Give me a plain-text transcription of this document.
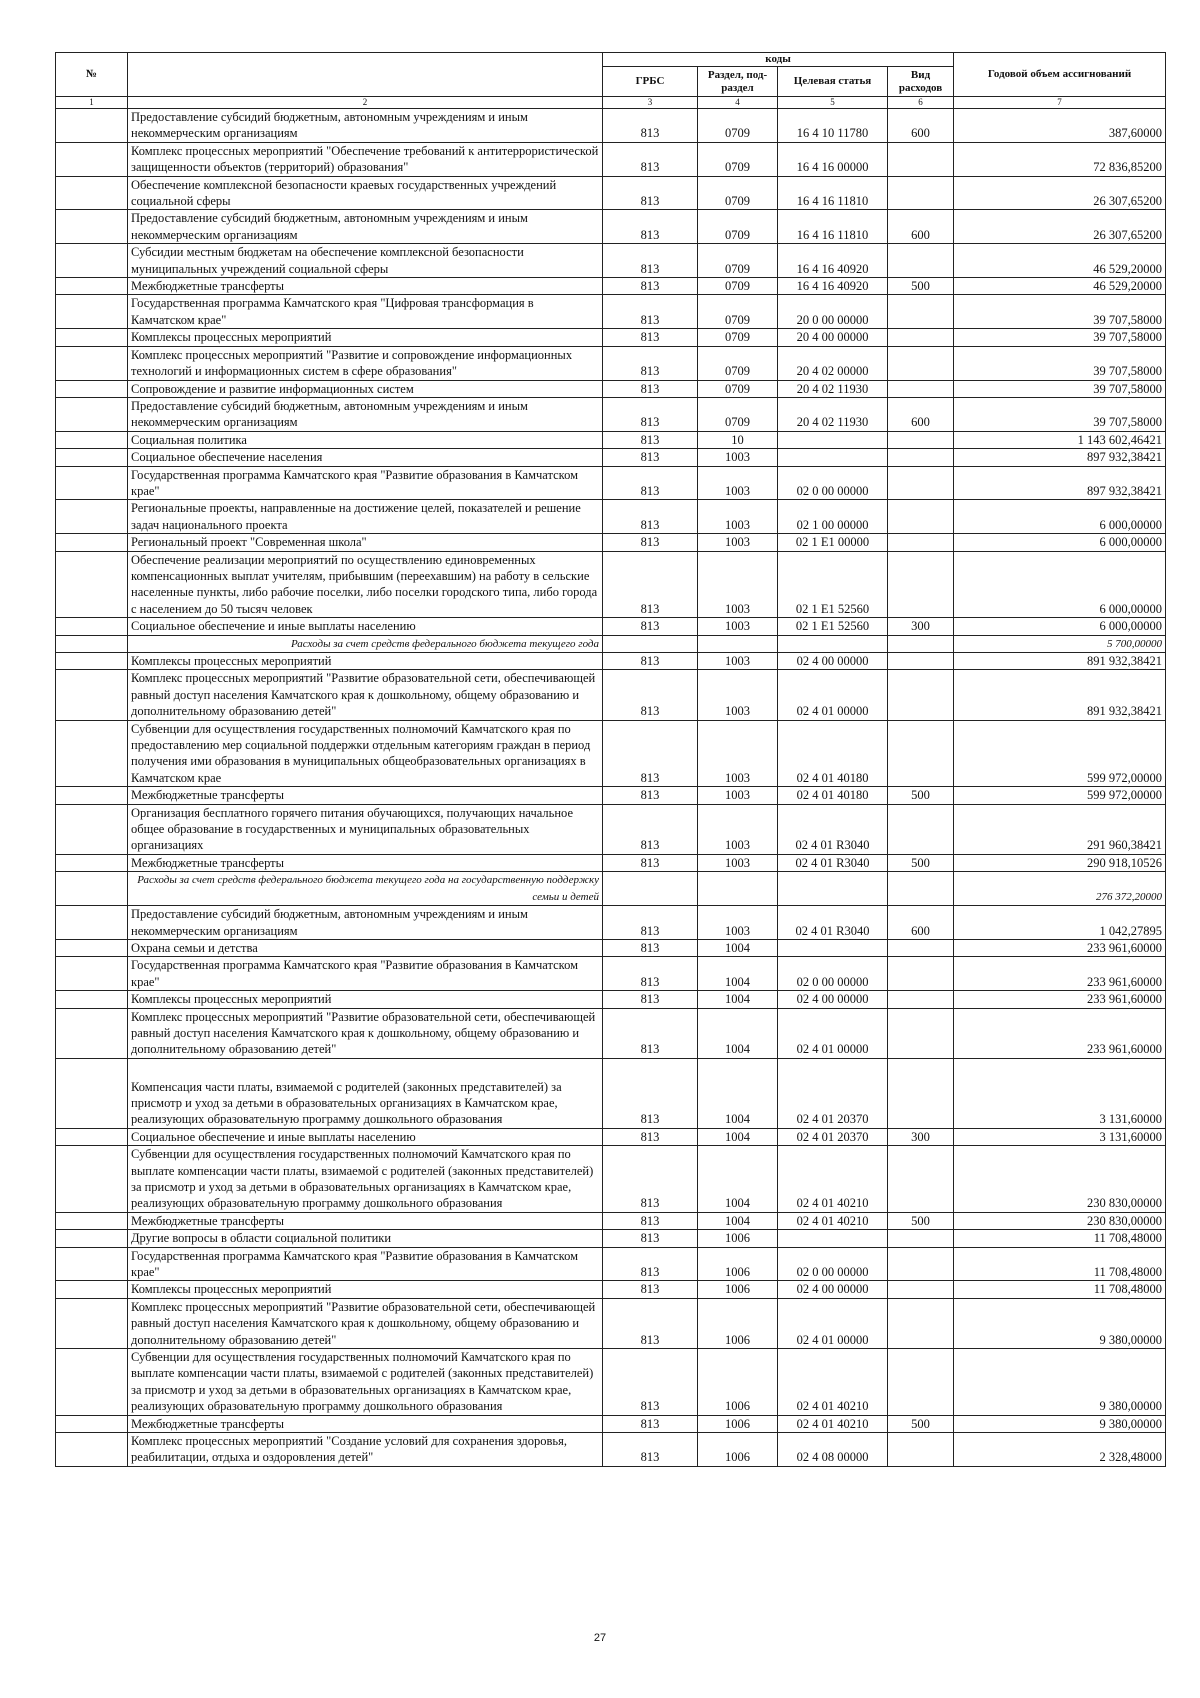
№		коды				Годовой объем ассигнований
		ГРБС	Раздел, под-раздел	Целевая статья	Вид расходов	
1	2	3	4	5	6	7
	Предоставление субсидий бюджетным, автономным учреждениям и иным некоммерческим организациям	813	0709	16 4 10 11780	600	387,60000
	Комплекс процессных мероприятий "Обеспечение требований к антитеррористической защищенности объектов (территорий) образования"	813	0709	16 4 16 00000		72 836,85200
	Обеспечение комплексной безопасности краевых государственных учреждений социальной сферы	813	0709	16 4 16 11810		26 307,65200
	Предоставление субсидий бюджетным, автономным учреждениям и иным некоммерческим организациям	813	0709	16 4 16 11810	600	26 307,65200
	Субсидии местным бюджетам на обеспечение комплексной безопасности муниципальных учреждений социальной сферы	813	0709	16 4 16 40920		46 529,20000
	Межбюджетные трансферты	813	0709	16 4 16 40920	500	46 529,20000
	Государственная программа Камчатского края "Цифровая трансформация в Камчатском крае"	813	0709	20 0 00 00000		39 707,58000
	Комплексы процессных мероприятий	813	0709	20 4 00 00000		39 707,58000
	Комплекс процессных мероприятий "Развитие и сопровождение информационных технологий и информационных систем в сфере образования"	813	0709	20 4 02 00000		39 707,58000
	Сопровождение и развитие информационных систем	813	0709	20 4 02 11930		39 707,58000
	Предоставление субсидий бюджетным, автономным учреждениям и иным некоммерческим организациям	813	0709	20 4 02 11930	600	39 707,58000
	Социальная политика	813	10			1 143 602,46421
	Социальное обеспечение населения	813	1003			897 932,38421
	Государственная программа Камчатского края "Развитие образования в Камчатском крае"	813	1003	02 0 00 00000		897 932,38421
	Региональные проекты, направленные на достижение целей, показателей и решение задач национального проекта	813	1003	02 1 00 00000		6 000,00000
	Региональный проект "Современная школа"	813	1003	02 1 E1 00000		6 000,00000
	Обеспечение реализации мероприятий по осуществлению единовременных компенсационных выплат учителям, прибывшим (переехавшим) на работу в сельские населенные пункты, либо рабочие поселки, либо поселки городского типа, либо города с населением до 50 тысяч человек	813	1003	02 1 E1 52560		6 000,00000
	Социальное обеспечение и иные выплаты населению	813	1003	02 1 E1 52560	300	6 000,00000
	Расходы за счет средств федерального бюджета текущего года					5 700,00000
	Комплексы процессных мероприятий	813	1003	02 4 00 00000		891 932,38421
	Комплекс процессных мероприятий "Развитие образовательной сети, обеспечивающей равный доступ населения Камчатского края к дошкольному, общему образованию и дополнительному образованию детей"	813	1003	02 4 01 00000		891 932,38421
	Субвенции для осуществления государственных полномочий Камчатского края по предоставлению мер социальной поддержки отдельным категориям граждан в период получения ими образования в муниципальных общеобразовательных организациях в Камчатском крае	813	1003	02 4 01 40180		599 972,00000
	Межбюджетные трансферты	813	1003	02 4 01 40180	500	599 972,00000
	Организация бесплатного горячего питания обучающихся, получающих начальное общее образование в государственных и муниципальных образовательных организациях	813	1003	02 4 01 R3040		291 960,38421
	Межбюджетные трансферты	813	1003	02 4 01 R3040	500	290 918,10526
	Расходы за счет средств федерального бюджета текущего года на государственную поддержку семьи и детей					276 372,20000
	Предоставление субсидий бюджетным, автономным учреждениям и иным некоммерческим организациям	813	1003	02 4 01 R3040	600	1 042,27895
	Охрана семьи и детства	813	1004			233 961,60000
	Государственная программа Камчатского края "Развитие образования в Камчатском крае"	813	1004	02 0 00 00000		233 961,60000
	Комплексы процессных мероприятий	813	1004	02 4 00 00000		233 961,60000
	Комплекс процессных мероприятий "Развитие образовательной сети, обеспечивающей равный доступ населения Камчатского края к дошкольному, общему образованию и дополнительному образованию детей"	813	1004	02 4 01 00000		233 961,60000
	Компенсация части платы, взимаемой с родителей (законных представителей) за присмотр и уход за детьми в образовательных организациях в Камчатском крае, реализующих образовательную программу дошкольного образования	813	1004	02 4 01 20370		3 131,60000
	Социальное обеспечение и иные выплаты населению	813	1004	02 4 01 20370	300	3 131,60000
	Субвенции для осуществления государственных полномочий Камчатского края по выплате компенсации части платы, взимаемой с родителей (законных представителей) за присмотр и уход за детьми в образовательных организациях в Камчатском крае, реализующих образовательную программу дошкольного образования	813	1004	02 4 01 40210		230 830,00000
	Межбюджетные трансферты	813	1004	02 4 01 40210	500	230 830,00000
	Другие вопросы в области социальной политики	813	1006			11 708,48000
	Государственная программа Камчатского края "Развитие образования в Камчатском крае"	813	1006	02 0 00 00000		11 708,48000
	Комплексы процессных мероприятий	813	1006	02 4 00 00000		11 708,48000
	Комплекс процессных мероприятий "Развитие образовательной сети, обеспечивающей равный доступ населения Камчатского края к дошкольному, общему образованию и дополнительному образованию детей"	813	1006	02 4 01 00000		9 380,00000
	Субвенции для осуществления государственных полномочий Камчатского края по выплате компенсации части платы, взимаемой с родителей (законных представителей) за присмотр и уход за детьми в образовательных организациях в Камчатском крае, реализующих образовательную программу дошкольного образования	813	1006	02 4 01 40210		9 380,00000
	Межбюджетные трансферты	813	1006	02 4 01 40210	500	9 380,00000
	Комплекс процессных мероприятий "Создание условий для сохранения здоровья, реабилитации, отдыха и оздоровления детей"	813	1006	02 4 08 00000		2 328,48000
27
